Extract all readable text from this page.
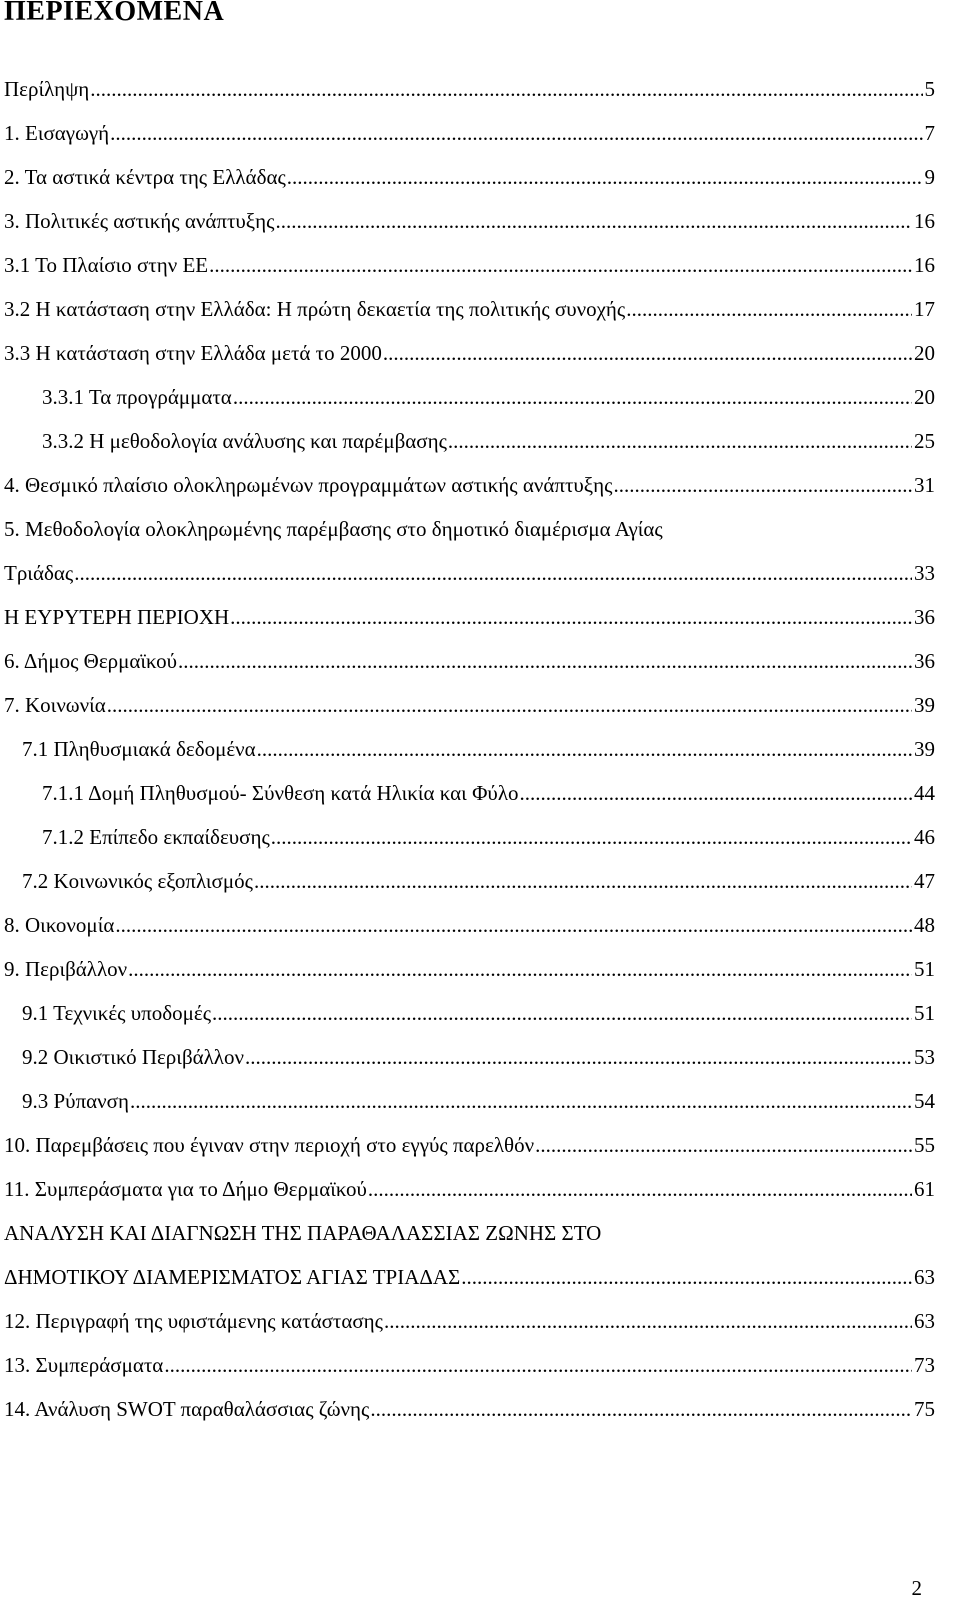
ΠΕΡΙΕΧΟΜΕΝΑ
Περίληψη .....	5
1. Εισαγωγή .....	7
2. Τα αστικά κέντρα της Ελλάδας .....	9
3. Πολιτικές αστικής ανάπτυξης .....	16
3.1 Το Πλαίσιο στην ΕΕ .....	16
3.2 Η κατάσταση στην Ελλάδα: Η πρώτη δεκαετία της πολιτικής συνοχής .....	17
3.3 Η κατάσταση στην Ελλάδα μετά το 2000 .....	20
3.3.1 Τα προγράμματα .....	20
3.3.2 Η μεθοδολογία ανάλυσης και παρέμβασης .....	25
4. Θεσμικό πλαίσιο ολοκληρωμένων προγραμμάτων αστικής ανάπτυξης .....	31
5. Μεθοδολογία ολοκληρωμένης παρέμβασης στο δημοτικό διαμέρισμα Αγίας
Τριάδας .....	33
Η ΕΥΡΥΤΕΡΗ ΠΕΡΙΟΧΗ .....	36
6. Δήμος Θερμαϊκού .....	36
7. Κοινωνία .....	39
7.1 Πληθυσμιακά δεδομένα .....	39
7.1.1 Δομή Πληθυσμού- Σύνθεση κατά Ηλικία και Φύλο .....	44
7.1.2 Επίπεδο εκπαίδευσης .....	46
7.2 Κοινωνικός εξοπλισμός .....	47
8. Οικονομία .....	48
9. Περιβάλλον .....	51
9.1 Τεχνικές υποδομές .....	51
9.2 Οικιστικό Περιβάλλον .....	53
9.3 Ρύπανση .....	54
10. Παρεμβάσεις που έγιναν στην περιοχή στο εγγύς παρελθόν .....	55
11. Συμπεράσματα για το Δήμο Θερμαϊκού .....	61
ΑΝΑΛΥΣΗ ΚΑΙ ΔΙΑΓΝΩΣΗ ΤΗΣ ΠΑΡΑΘΑΛΑΣΣΙΑΣ ΖΩΝΗΣ ΣΤΟ
ΔΗΜΟΤΙΚΟΥ ΔΙΑΜΕΡΙΣΜΑΤΟΣ ΑΓΙΑΣ ΤΡΙΑΔΑΣ .....	63
12. Περιγραφή της υφιστάμενης κατάστασης .....	63
13. Συμπεράσματα .....	73
14. Ανάλυση SWOT παραθαλάσσιας ζώνης .....	75
2
